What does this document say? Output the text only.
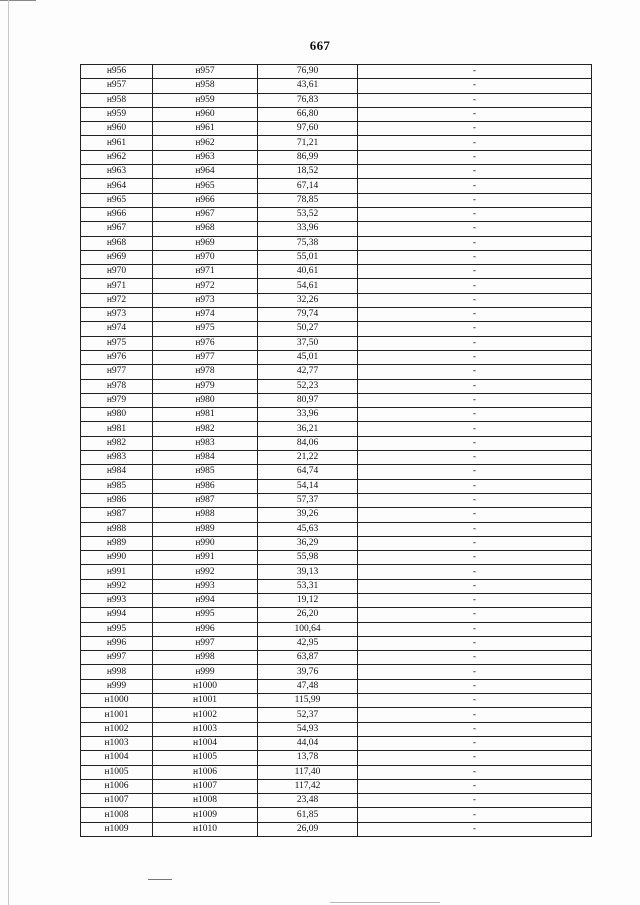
667
н956	н957	76,90	-
н957	н958	43,61	-
н958	н959	76,83	-
н959	н960	66,80	-
н960	н961	97,60	-
н961	н962	71,21	-
н962	н963	86,99	-
н963	н964	18,52	-
н964	н965	67,14	-
н965	н966	78,85	-
н966	н967	53,52	-
н967	н968	33,96	-
н968	н969	75,38	-
н969	н970	55,01	-
н970	н971	40,61	-
н971	н972	54,61	-
н972	н973	32,26	-
н973	н974	79,74	-
н974	н975	50,27	-
н975	н976	37,50	-
н976	н977	45,01	-
н977	н978	42,77	-
н978	н979	52,23	-
н979	н980	80,97	-
н980	н981	33,96	-
н981	н982	36,21	-
н982	н983	84,06	-
н983	н984	21,22	-
н984	н985	64,74	-
н985	н986	54,14	-
н986	н987	57,37	-
н987	н988	39,26	-
н988	н989	45,63	-
н989	н990	36,29	-
н990	н991	55,98	-
н991	н992	39,13	-
н992	н993	53,31	-
н993	н994	19,12	-
н994	н995	26,20	-
н995	н996	100,64	-
н996	н997	42,95	-
н997	н998	63,87	-
н998	н999	39,76	-
н999	н1000	47,48	-
н1000	н1001	115,99	-
н1001	н1002	52,37	-
н1002	н1003	54,93	-
н1003	н1004	44,04	-
н1004	н1005	13,78	-
н1005	н1006	117,40	-
н1006	н1007	117,42	-
н1007	н1008	23,48	-
н1008	н1009	61,85	-
н1009	н1010	26,09	-
